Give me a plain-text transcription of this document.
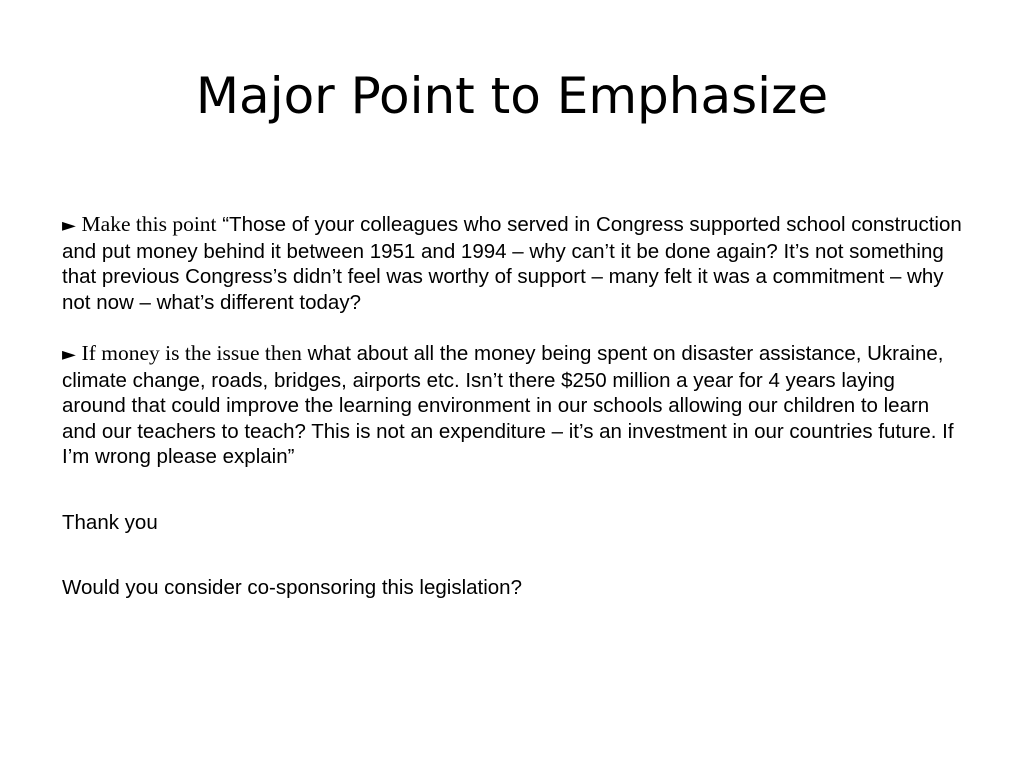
Major Point to Emphasize

► Make this point “Those of your colleagues who served in Congress supported school construction and put money behind it between 1951 and 1994 – why can’t it be done again? It’s not something that previous Congress’s didn’t feel was worthy of support – many felt it was a commitment – why not now – what’s different today?

► If money is the issue then what about all the money being spent on disaster assistance, Ukraine, climate change, roads, bridges, airports etc. Isn’t there $250 million a year for 4 years laying around that could improve the learning environment in our schools allowing our children to learn and our teachers to teach? This is not an expenditure – it’s an investment in our countries future. If I’m wrong please explain”

Thank you

Would you consider co-sponsoring this legislation?
